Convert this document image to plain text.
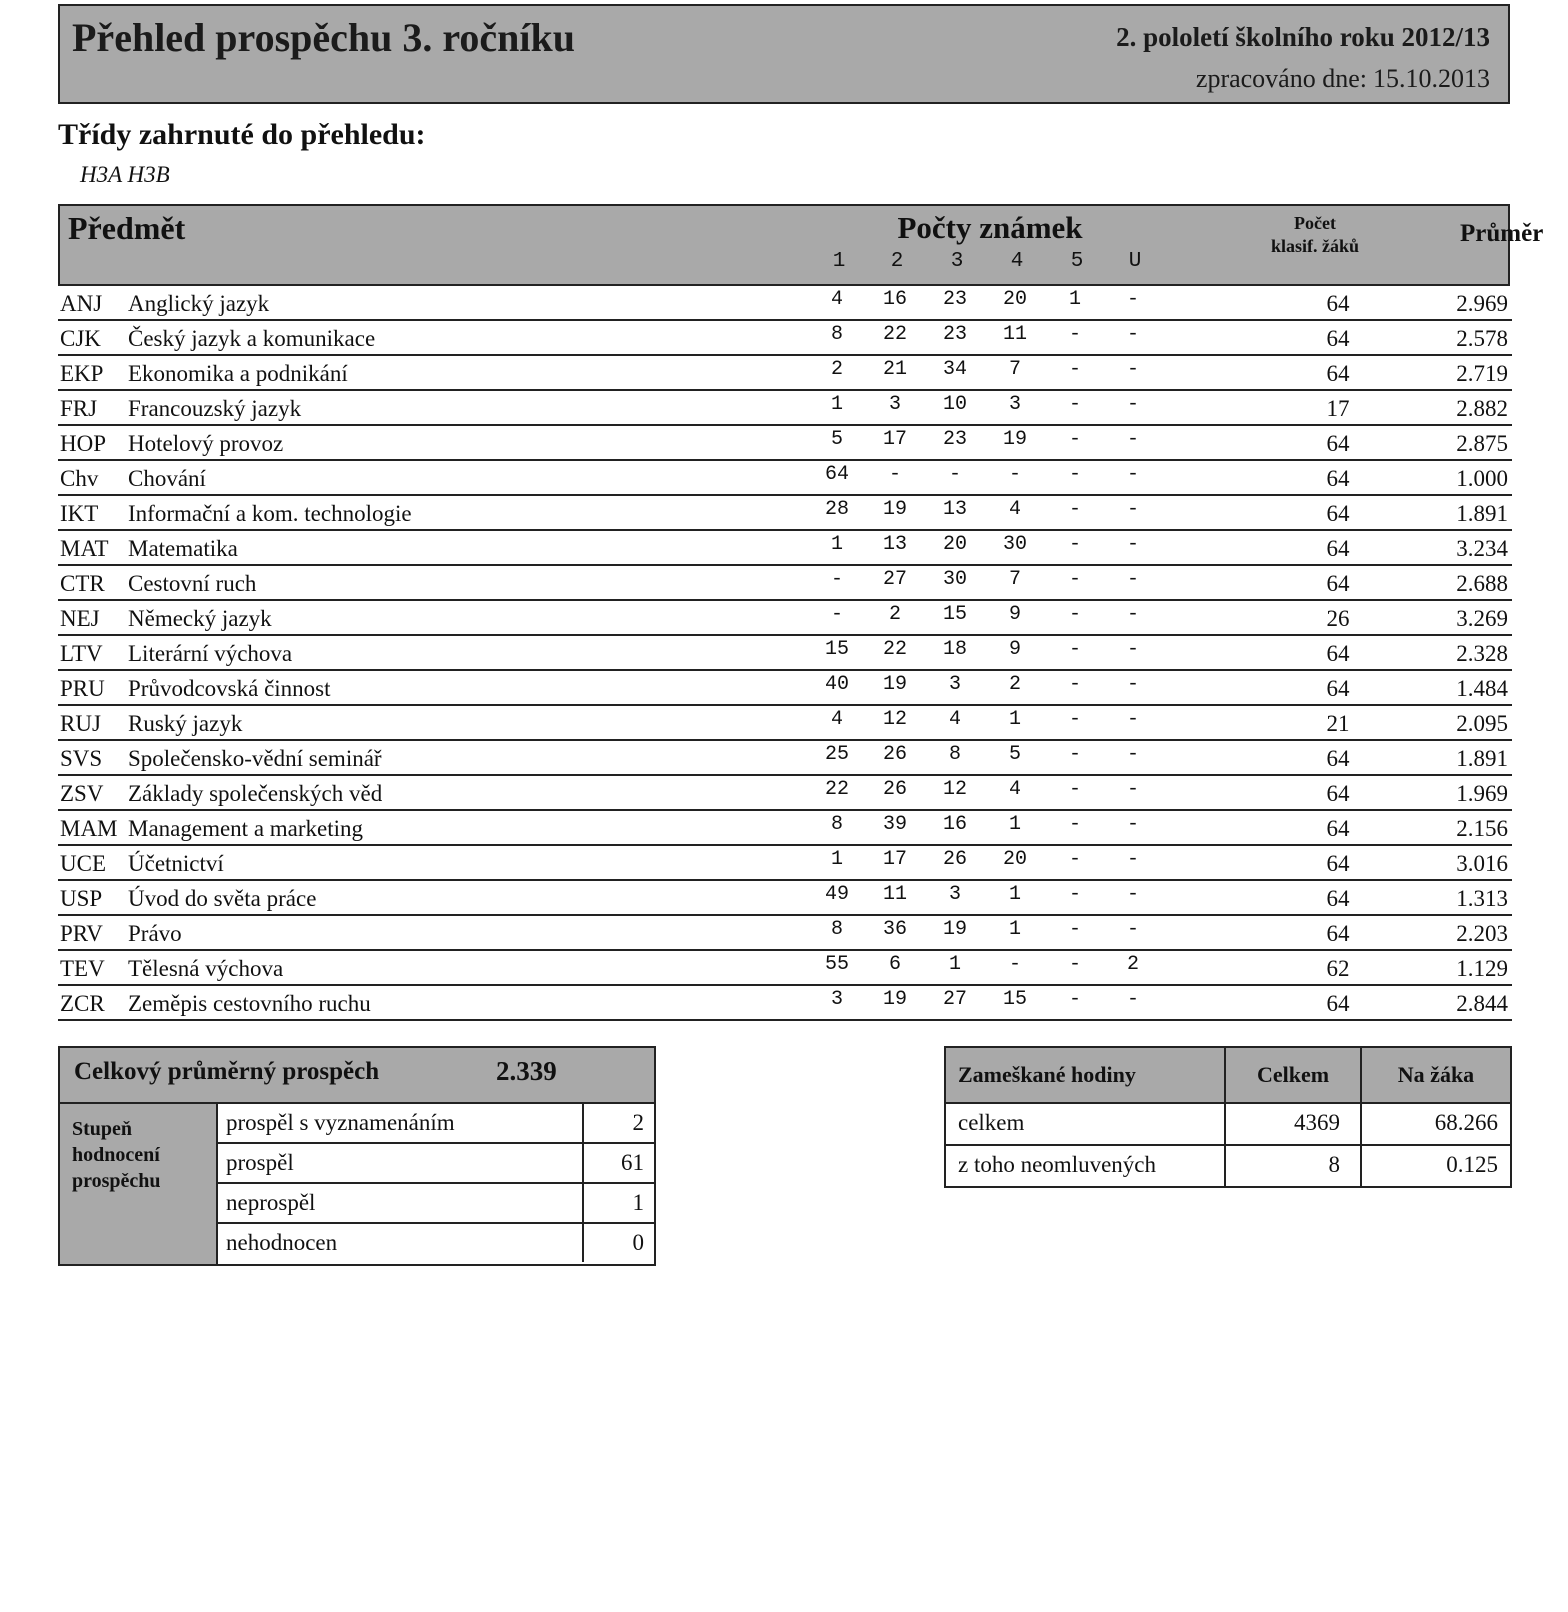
Přehled prospěchu 3. ročníku	2. pololetí školního roku 2012/13
zpracováno dne: 15.10.2013
Třídy zahrnuté do přehledu:
H3A H3B
Předmět	Počty známek
1	2	3	4	5	U
Počet
klasif. žáků	Průměr
ANJ Anglický jazyk	4	16	23	20	1	-	64	2.969
CJK Český jazyk a komunikace	8	22	23	11	-	-	64	2.578
EKP Ekonomika a podnikání	2	21	34	7	-	-	64	2.719
FRJ Francouzský jazyk	1	3	10	3	-	-	17	2.882
HOP Hotelový provoz	5	17	23	19	-	-	64	2.875
Chv Chování	64	-	-	-	-	-	64	1.000
IKT Informační a kom. technologie	28	19	13	4	-	-	64	1.891
MAT Matematika	1	13	20	30	-	-	64	3.234
CTR Cestovní ruch	-	27	30	7	-	-	64	2.688
NEJ Německý jazyk	-	2	15	9	-	-	26	3.269
LTV Literární výchova	15	22	18	9	-	-	64	2.328
PRU Průvodcovská činnost	40	19	3	2	-	-	64	1.484
RUJ Ruský jazyk	4	12	4	1	-	-	21	2.095
SVS Společensko-vědní seminář	25	26	8	5	-	-	64	1.891
ZSV Základy společenských věd	22	26	12	4	-	-	64	1.969
MAM Management a marketing	8	39	16	1	-	-	64	2.156
UCE Účetnictví	1	17	26	20	-	-	64	3.016
USP Úvod do světa práce	49	11	3	1	-	-	64	1.313
PRV Právo	8	36	19	1	-	-	64	2.203
TEV Tělesná výchova	55	6	1	-	-	2	62	1.129
ZCR Zeměpis cestovního ruchu	3	19	27	15	-	-	64	2.844
Celkový průměrný prospěch	2.339
Stupeň hodnocení prospěchu
prospěl s vyznamenáním	2
prospěl	61
neprospěl	1
nehodnocen	0
Zameškané hodiny	Celkem	Na žáka
celkem	4369	68.266
z toho neomluvených	8	0.125
